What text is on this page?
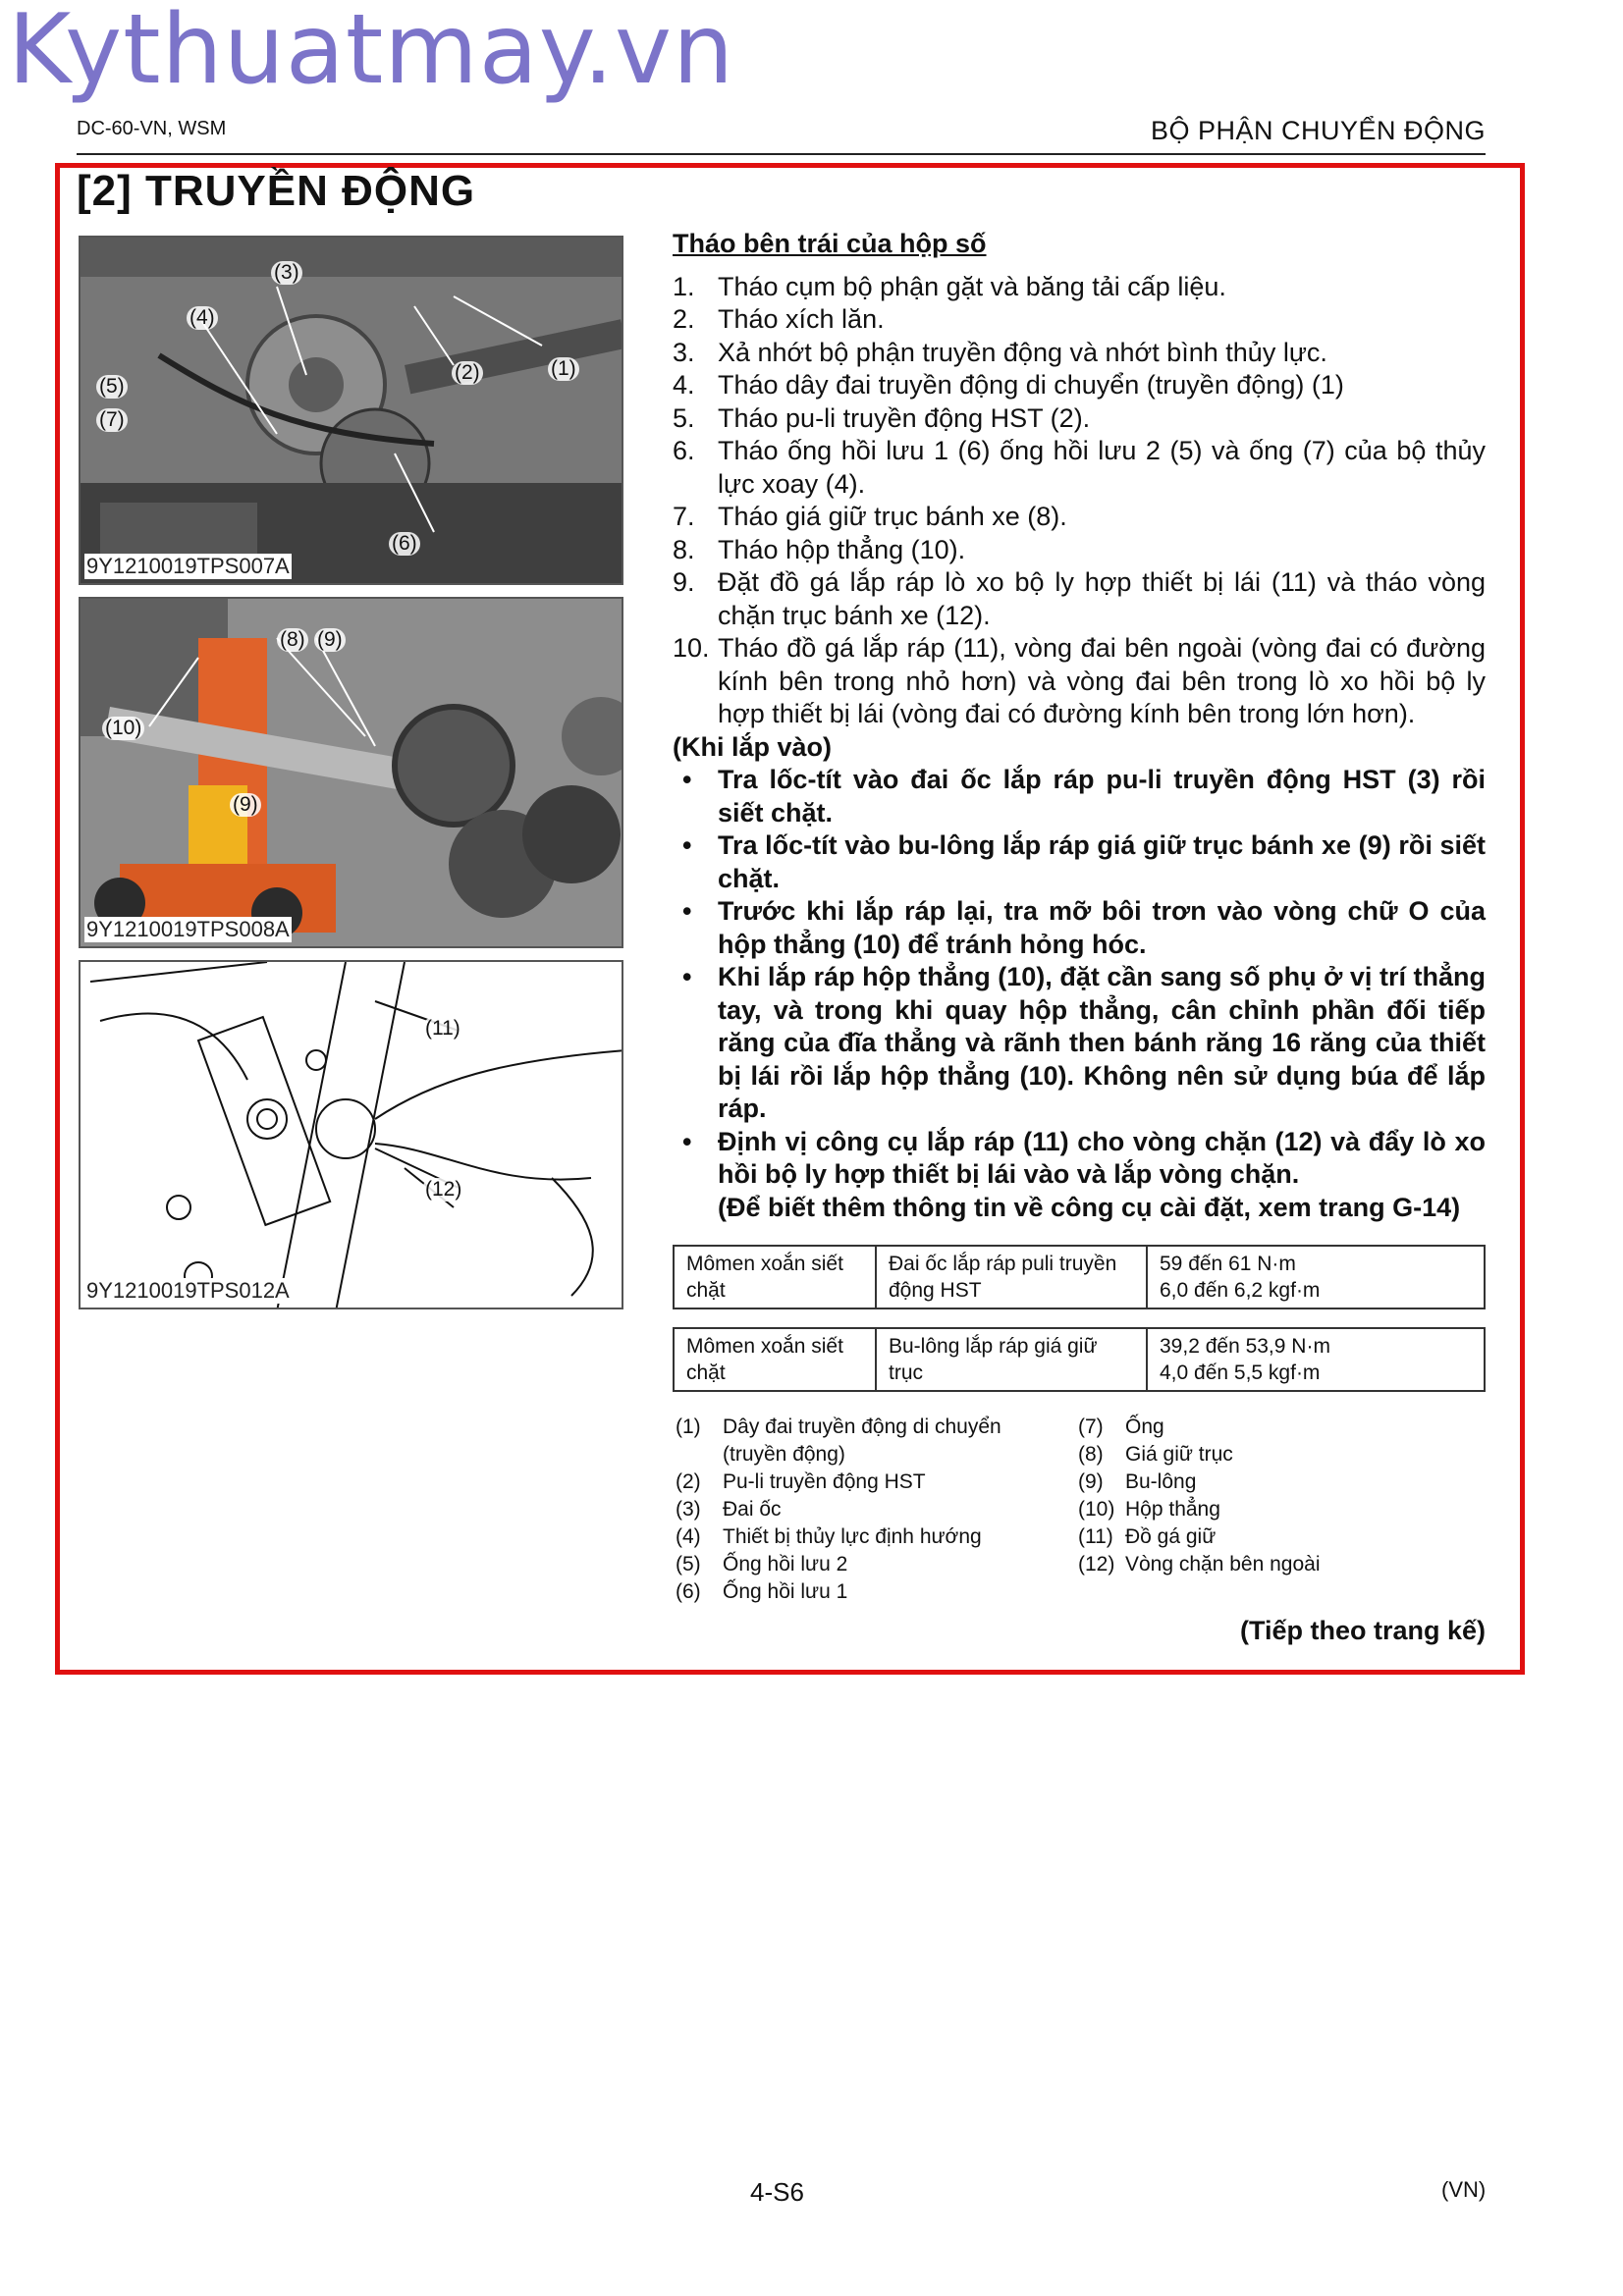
Kythuatmay.vn
DC-60-VN, WSM	BỘ PHẬN CHUYỂN ĐỘNG
[2] TRUYỀN ĐỘNG
(3)
(4)
(5)
(7)
(2)	(1)
(6)
9Y1210019TPS007A
(8) (9)
(10)
(9)
9Y1210019TPS008A
(11)
(12)
9Y1210019TPS012A
Tháo bên trái của hộp số
1. Tháo cụm bộ phận gặt và băng tải cấp liệu.
2. Tháo xích lăn.
3. Xả nhớt bộ phận truyền động và nhớt bình thủy lực.
4. Tháo dây đai truyền động di chuyển (truyền động) (1)
5. Tháo pu-li truyền động HST (2).
6. Tháo ống hồi lưu 1 (6) ống hồi lưu 2 (5) và ống (7) của bộ thủy lực xoay (4).
7. Tháo giá giữ trục bánh xe (8).
8. Tháo hộp thẳng (10).
9. Đặt đồ gá lắp ráp lò xo bộ ly hợp thiết bị lái (11) và tháo vòng chặn trục bánh xe (12).
10. Tháo đồ gá lắp ráp (11), vòng đai bên ngoài (vòng đai có đường kính bên trong nhỏ hơn) và vòng đai bên trong lò xo hồi bộ ly hợp thiết bị lái (vòng đai có đường kính bên trong lớn hơn).
(Khi lắp vào)
• Tra lốc-tít vào đai ốc lắp ráp pu-li truyền động HST (3) rồi siết chặt.
• Tra lốc-tít vào bu-lông lắp ráp giá giữ trục bánh xe (9) rồi siết chặt.
• Trước khi lắp ráp lại, tra mỡ bôi trơn vào vòng chữ O của hộp thẳng (10) để tránh hỏng hóc.
• Khi lắp ráp hộp thẳng (10), đặt cần sang số phụ ở vị trí thẳng tay, và trong khi quay hộp thẳng, cân chỉnh phần đối tiếp răng của đĩa thẳng và rãnh then bánh răng 16 răng của thiết bị lái rồi lắp hộp thẳng (10). Không nên sử dụng búa để lắp ráp.
• Định vị công cụ lắp ráp (11) cho vòng chặn (12) và đẩy lò xo hồi bộ ly hợp thiết bị lái vào và lắp vòng chặn.
(Để biết thêm thông tin về công cụ cài đặt, xem trang G-14)
Mômen xoắn siết chặt	Đai ốc lắp ráp puli truyền động HST	
59 đến 61 N·m
6,0 đến 6,2 kgf·m
Mômen xoắn siết chặt	Bu-lông lắp ráp giá giữ trục	
39,2 đến 53,9 N·m
4,0 đến 5,5 kgf·m
(1)	Dây đai truyền động di chuyển (truyền động)
(2)	Pu-li truyền động HST
(3)	Đai ốc
(4)	Thiết bị thủy lực định hướng
(5)	Ống hồi lưu 2
(6)	Ống hồi lưu 1
(7)	Ống
(8)	Giá giữ trục
(9)	Bu-lông
(10) Hộp thẳng
(11) Đồ gá giữ
(12) Vòng chặn bên ngoài
(Tiếp theo trang kế)
4-S6	(VN)
